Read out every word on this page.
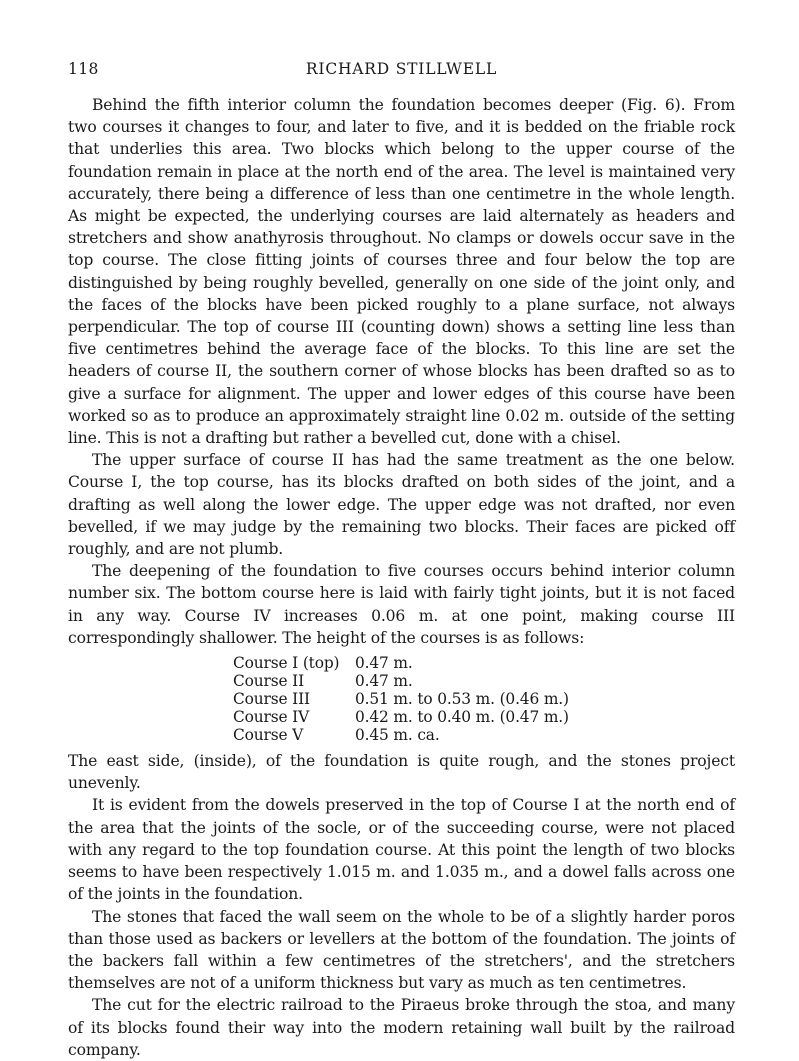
118	RICHARD STILLWELL

Behind the fifth interior column the foundation becomes deeper (Fig. 6). From two courses it changes to four, and later to five, and it is bedded on the friable rock that underlies this area. Two blocks which belong to the upper course of the foundation remain in place at the north end of the area. The level is maintained very accurately, there being a difference of less than one centimetre in the whole length. As might be expected, the underlying courses are laid alternately as headers and stretchers and show anathyrosis throughout. No clamps or dowels occur save in the top course. The close fitting joints of courses three and four below the top are distinguished by being roughly bevelled, generally on one side of the joint only, and the faces of the blocks have been picked roughly to a plane surface, not always perpendicular. The top of course III (counting down) shows a setting line less than five centimetres behind the average face of the blocks. To this line are set the headers of course II, the southern corner of whose blocks has been drafted so as to give a surface for alignment. The upper and lower edges of this course have been worked so as to produce an approximately straight line 0.02 m. outside of the setting line. This is not a drafting but rather a bevelled cut, done with a chisel.

The upper surface of course II has had the same treatment as the one below. Course I, the top course, has its blocks drafted on both sides of the joint, and a drafting as well along the lower edge. The upper edge was not drafted, nor even bevelled, if we may judge by the remaining two blocks. Their faces are picked off roughly, and are not plumb.

The deepening of the foundation to five courses occurs behind interior column number six. The bottom course here is laid with fairly tight joints, but it is not faced in any way. Course IV increases 0.06 m. at one point, making course III correspondingly shallower. The height of the courses is as follows:

Course I (top)	0.47 m.
Course II	0.47 m.
Course III	0.51 m. to 0.53 m. (0.46 m.)
Course IV	0.42 m. to 0.40 m. (0.47 m.)
Course V	0.45 m. ca.

The east side, (inside), of the foundation is quite rough, and the stones project unevenly.

It is evident from the dowels preserved in the top of Course I at the north end of the area that the joints of the socle, or of the succeeding course, were not placed with any regard to the top foundation course. At this point the length of two blocks seems to have been respectively 1.015 m. and 1.035 m., and a dowel falls across one of the joints in the foundation.

The stones that faced the wall seem on the whole to be of a slightly harder poros than those used as backers or levellers at the bottom of the foundation. The joints of the backers fall within a few centimetres of the stretchers', and the stretchers themselves are not of a uniform thickness but vary as much as ten centimetres.

The cut for the electric railroad to the Piraeus broke through the stoa, and many of its blocks found their way into the modern retaining wall built by the railroad company.
